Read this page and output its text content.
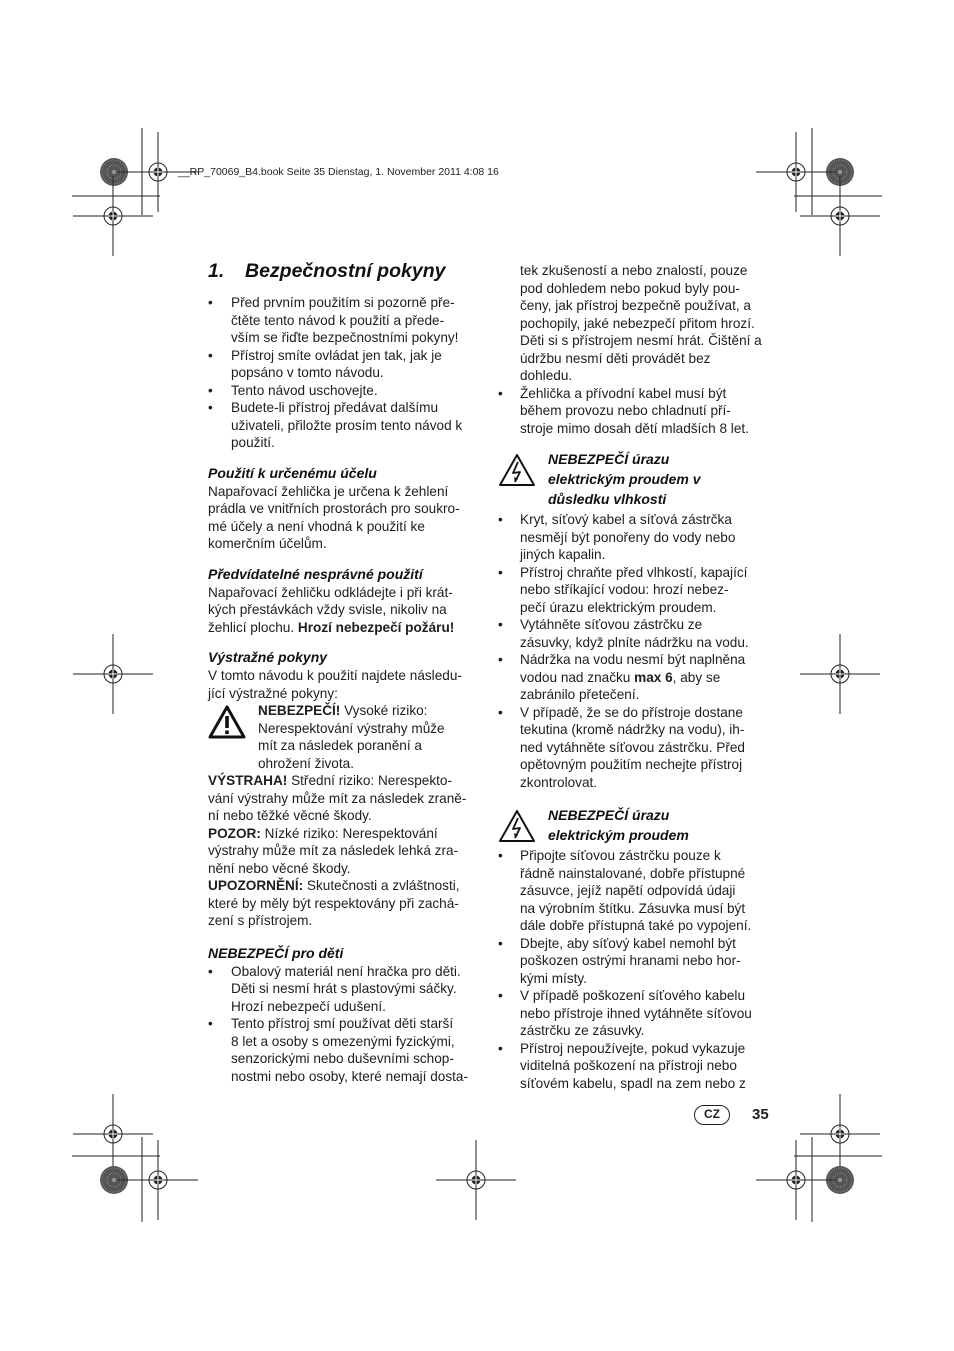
__RP_70069_B4.book Seite 35 Dienstag, 1. November 2011 4:08 16
1. Bezpečnostní pokyny
• Před prvním použitím si pozorně pře-
čtěte tento návod k použití a přede-
vším se řiďte bezpečnostními pokyny!
• Přístroj smíte ovládat jen tak, jak je
popsáno v tomto návodu.
• Tento návod uschovejte.
• Budete-li přístroj předávat dalšímu
uživateli, přiložte prosím tento návod k
použití.
Použití k určenému účelu

Napařovací žehlička je určena k žehlení
prádla ve vnitřních prostorách pro soukro-
mé účely a není vhodná k použití ke
komerčním účelům.

Předvídatelné nesprávné použití

Napařovací žehličku odkládejte i při krát-
kých přestávkách vždy svisle, nikoliv na
žehlicí plochu. Hrozí nebezpečí požáru!

Výstražné pokyny

V tomto návodu k použití najdete následu-
jící výstražné pokyny:

NEBEZPEČÍ! Vysoké riziko:
Nerespektování výstrahy může
mít za následek poranění a
ohrožení života.

VÝSTRAHA! Střední riziko: Nerespekto-
vání výstrahy může mít za následek zraně-
ní nebo těžké věcné škody.

POZOR: Nízké riziko: Nerespektování
výstrahy může mít za následek lehká zra-
nění nebo věcné škody.

UPOZORNĚNÍ: Skutečnosti a zvláštnosti,
které by měly být respektovány při zachá-
zení s přístrojem.

NEBEZPEČÍ pro děti
• Obalový materiál není hračka pro děti.
Děti si nesmí hrát s plastovými sáčky.
Hrozí nebezpečí udušení.
• Tento přístroj smí používat děti starší
8 let a osoby s omezenými fyzickými,
senzorickými nebo duševními schop-
nostmi nebo osoby, které nemají dosta-

tek zkušeností a nebo znalostí, pouze
pod dohledem nebo pokud byly pou-
čeny, jak přístroj bezpečně používat, a
pochopily, jaké nebezpečí přitom hrozí.
Děti si s přístrojem nesmí hrát. Čištění a
údržbu nesmí děti provádět bez
dohledu.

• Žehlička a přívodní kabel musí být
během provozu nebo chladnutí pří-
stroje mimo dosah dětí mladších 8 let.
NEBEZPEČÍ úrazu
elektrickým proudem v
důsledku vlhkosti
• Kryt, síťový kabel a síťová zástrčka
nesmějí být ponořeny do vody nebo
jiných kapalin.
• Přístroj chraňte před vlhkostí, kapající
nebo stříkající vodou: hrozí nebez-
pečí úrazu elektrickým proudem.
• Vytáhněte síťovou zástrčku ze
zásuvky, když plníte nádržku na vodu.
• Nádržka na vodu nesmí být naplněna
vodou nad značku max 6, aby se
zabránilo přetečení.
• V případě, že se do přístroje dostane
tekutina (kromě nádržky na vodu), ih-
ned vytáhněte síťovou zástrčku. Před
opětovným použitím nechejte přístroj
zkontrolovat.
NEBEZPEČÍ úrazu
elektrickým proudem
• Připojte síťovou zástrčku pouze k
řádně nainstalované, dobře přístupné
zásuvce, jejíž napětí odpovídá údaji
na výrobním štítku. Zásuvka musí být
dále dobře přístupná také po vypojení.
• Dbejte, aby síťový kabel nemohl být
poškozen ostrými hranami nebo hor-
kými místy.
• V případě poškození síťového kabelu
nebo přístroje ihned vytáhněte síťovou
zástrčku ze zásuvky.
• Přístroj nepoužívejte, pokud vykazuje
viditelná poškození na přístroji nebo
síťovém kabelu, spadl na zem nebo z
CZ	35
